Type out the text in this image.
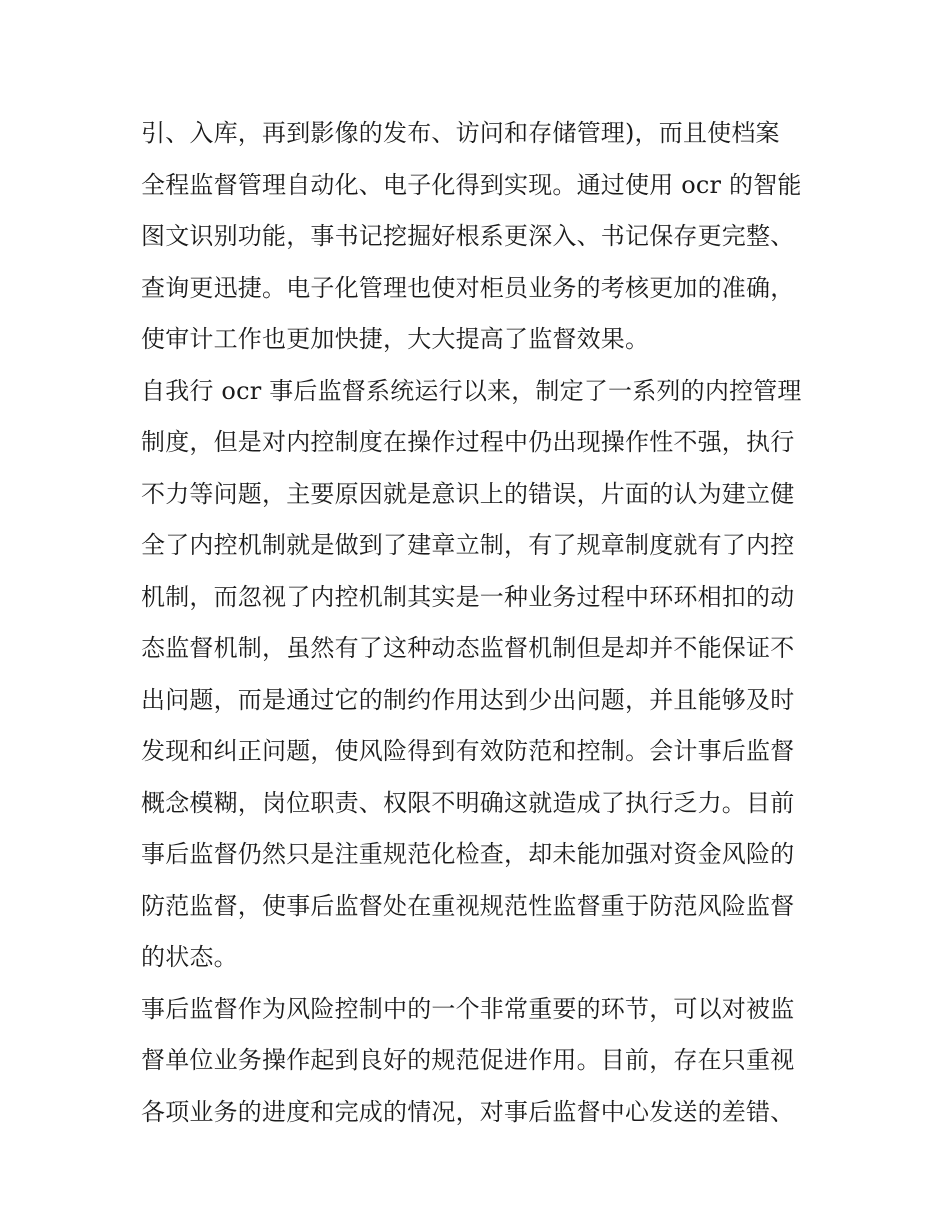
引、入库，再到影像的发布、访问和存储管理)，而且使档案
全程监督管理自动化、电子化得到实现。通过使用 ocr 的智能
图文识别功能，事书记挖掘好根系更深入、书记保存更完整、
查询更迅捷。电子化管理也使对柜员业务的考核更加的准确，
使审计工作也更加快捷，大大提高了监督效果。
自我行 ocr 事后监督系统运行以来，制定了一系列的内控管理
制度，但是对内控制度在操作过程中仍出现操作性不强，执行
不力等问题，主要原因就是意识上的错误，片面的认为建立健
全了内控机制就是做到了建章立制，有了规章制度就有了内控
机制，而忽视了内控机制其实是一种业务过程中环环相扣的动
态监督机制，虽然有了这种动态监督机制但是却并不能保证不
出问题，而是通过它的制约作用达到少出问题，并且能够及时
发现和纠正问题，使风险得到有效防范和控制。会计事后监督
概念模糊，岗位职责、权限不明确这就造成了执行乏力。目前
事后监督仍然只是注重规范化检查，却未能加强对资金风险的
防范监督，使事后监督处在重视规范性监督重于防范风险监督
的状态。
事后监督作为风险控制中的一个非常重要的环节，可以对被监
督单位业务操作起到良好的规范促进作用。目前，存在只重视
各项业务的进度和完成的情况，对事后监督中心发送的差错、
